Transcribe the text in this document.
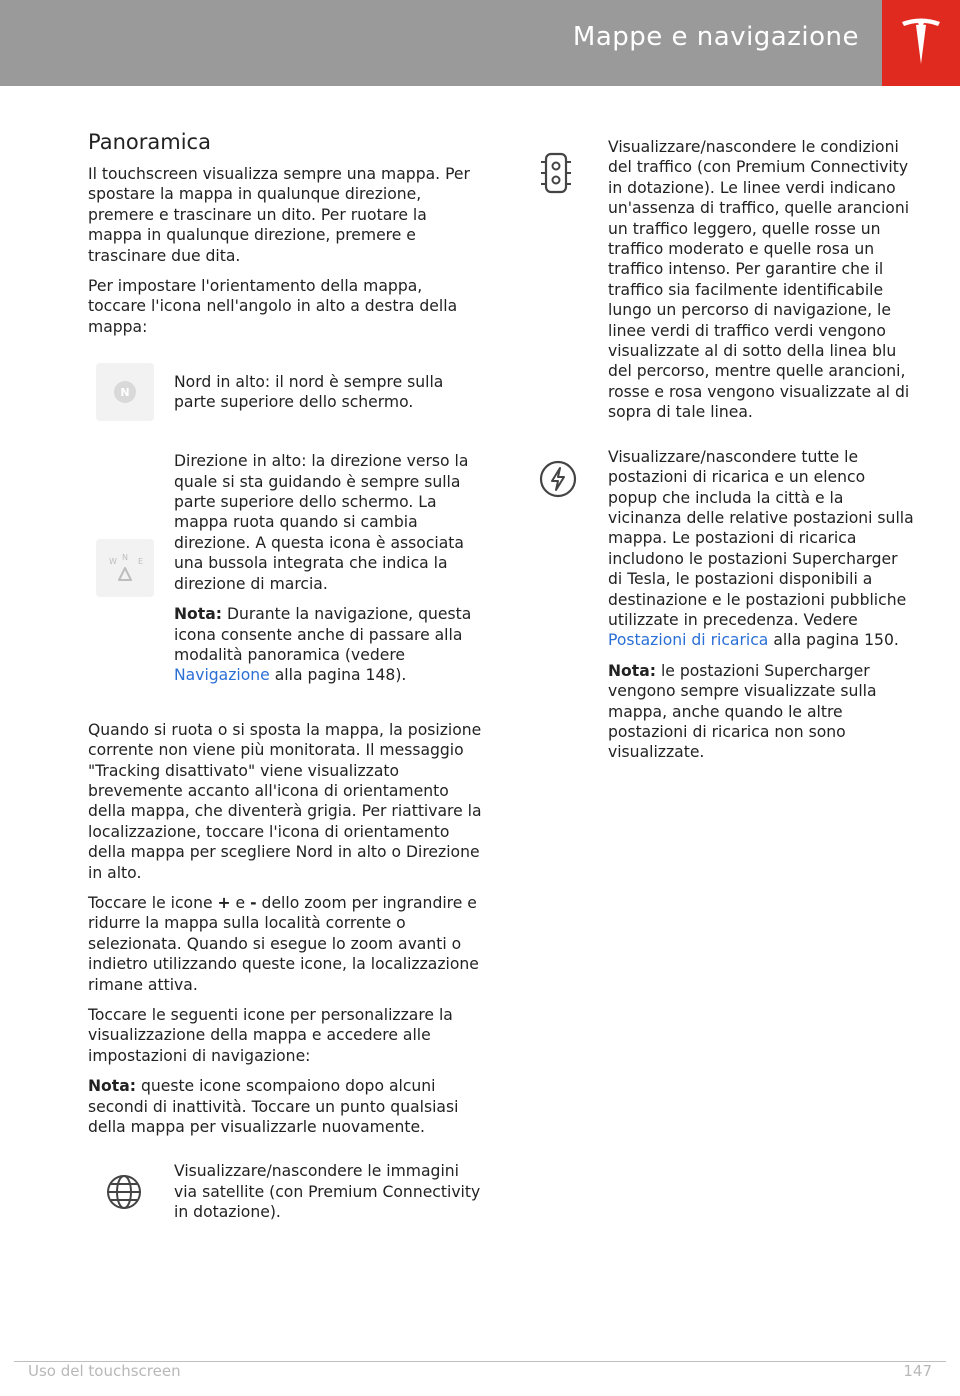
Mappe e navigazione
Panoramica

Il touchscreen visualizza sempre una mappa. Per spostare la mappa in qualunque direzione, premere e trascinare un dito. Per ruotare la mappa in qualunque direzione, premere e trascinare due dita.

Per impostare l'orientamento della mappa, toccare l'icona nell'angolo in alto a destra della mappa:

N
Nord in alto: il nord è sempre sulla parte superiore dello schermo.
W N E

Direzione in alto: la direzione verso la quale si sta guidando è sempre sulla parte superiore dello schermo. La mappa ruota quando si cambia direzione. A questa icona è associata una bussola integrata che indica la direzione di marcia.

Nota: Durante la navigazione, questa icona consente anche di passare alla modalità panoramica (vedere Navigazione alla pagina 148).

Quando si ruota o si sposta la mappa, la posizione corrente non viene più monitorata. Il messaggio "Tracking disattivato" viene visualizzato brevemente accanto all'icona di orientamento della mappa, che diventerà grigia. Per riattivare la localizzazione, toccare l'icona di orientamento della mappa per scegliere Nord in alto o Direzione in alto.

Toccare le icone + e - dello zoom per ingrandire e ridurre la mappa sulla località corrente o selezionata. Quando si esegue lo zoom avanti o indietro utilizzando queste icone, la localizzazione rimane attiva.

Toccare le seguenti icone per personalizzare la visualizzazione della mappa e accedere alle impostazioni di navigazione:

Nota: queste icone scompaiono dopo alcuni secondi di inattività. Toccare un punto qualsiasi della mappa per visualizzarle nuovamente.

Visualizzare/nascondere le immagini via satellite (con Premium Connectivity in dotazione).
Visualizzare/nascondere le condizioni del traffico (con Premium Connectivity in dotazione). Le linee verdi indicano un'assenza di traffico, quelle arancioni un traffico leggero, quelle rosse un traffico moderato e quelle rosa un traffico intenso. Per garantire che il traffico sia facilmente identificabile lungo un percorso di navigazione, le linee verdi di traffico verdi vengono visualizzate al di sotto della linea blu del percorso, mentre quelle arancioni, rosse e rosa vengono visualizzate al di sopra di tale linea.

Visualizzare/nascondere tutte le postazioni di ricarica e un elenco popup che includa la città e la vicinanza delle relative postazioni sulla mappa. Le postazioni di ricarica includono le postazioni Supercharger di Tesla, le postazioni disponibili a destinazione e le postazioni pubbliche utilizzate in precedenza. Vedere Postazioni di ricarica alla pagina 150.

Nota: le postazioni Supercharger vengono sempre visualizzate sulla mappa, anche quando le altre postazioni di ricarica non sono visualizzate.

Uso del touchscreen	147
